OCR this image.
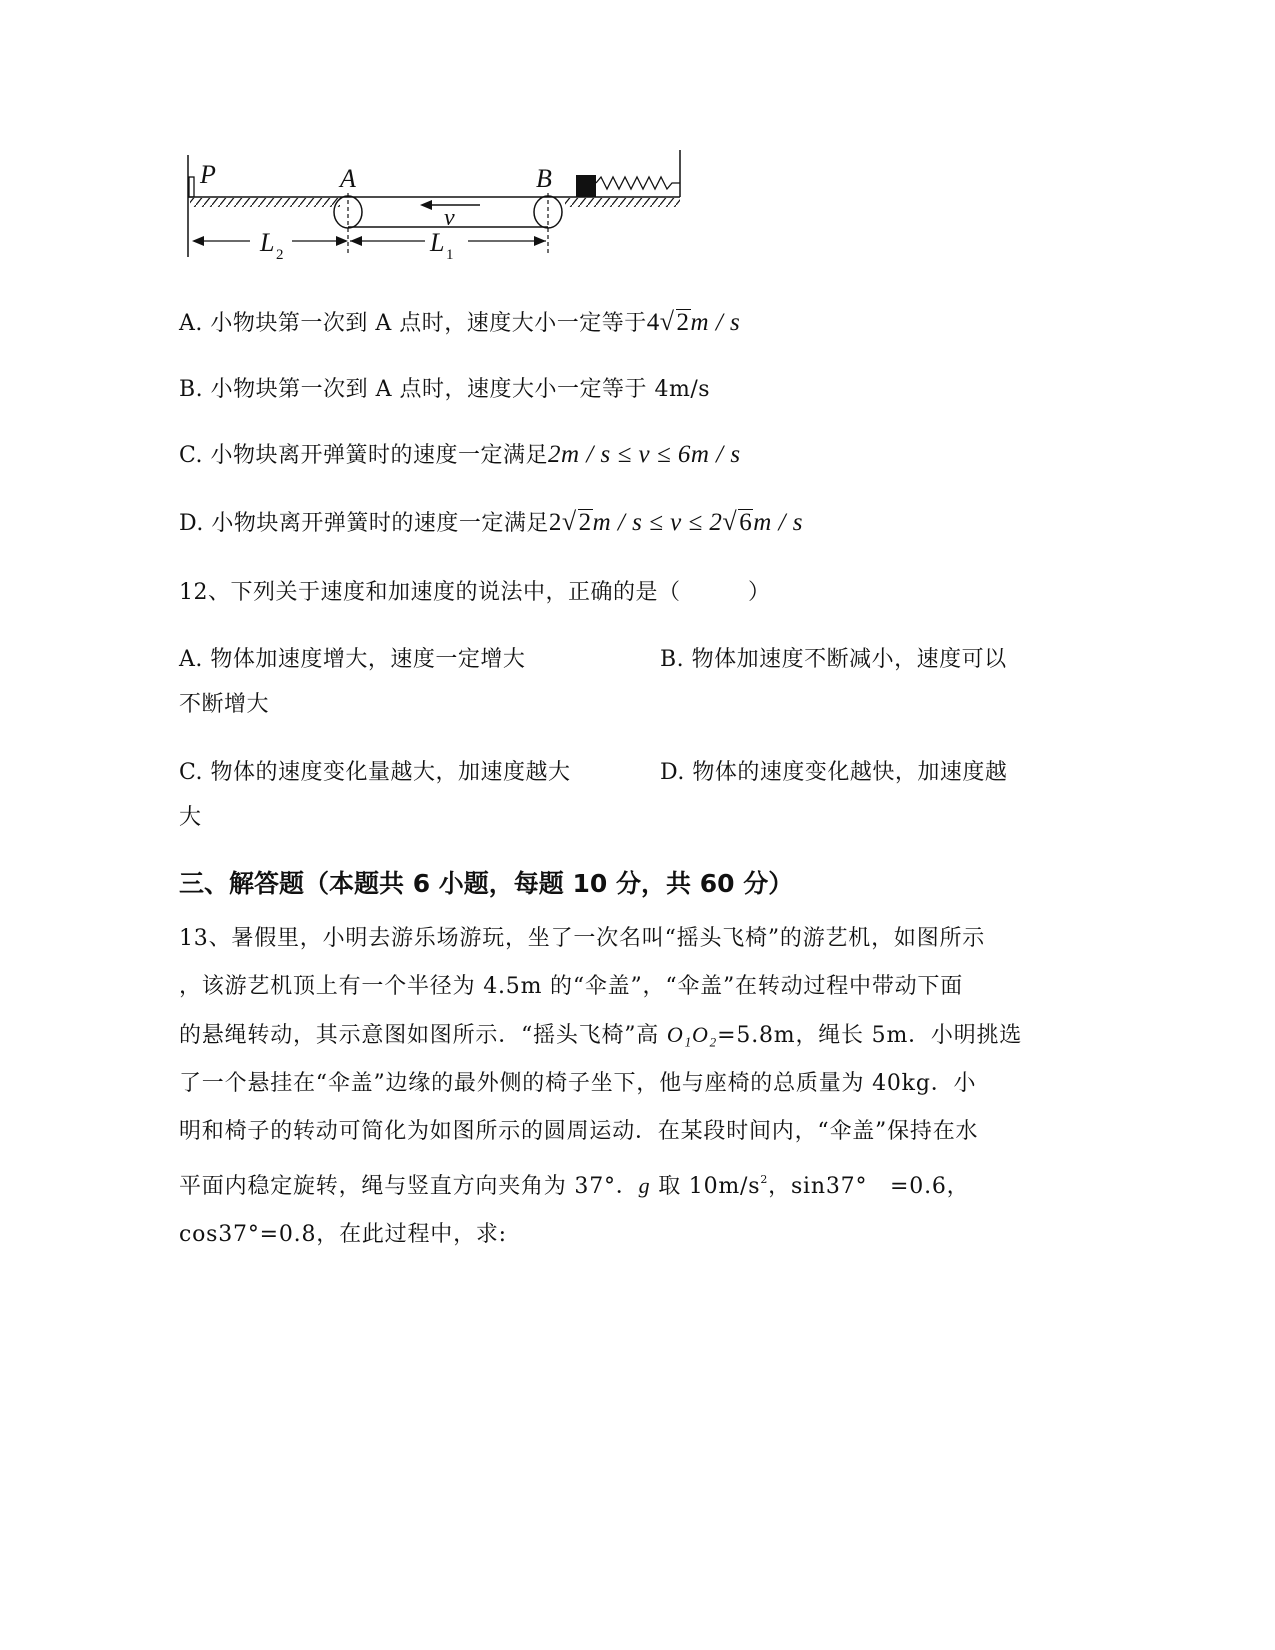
P	A	B
v
L 2	L 1
A. 小物块第一次到 A 点时，速度大小一定等于4√2m / s
B. 小物块第一次到 A 点时，速度大小一定等于 4m/s
C. 小物块离开弹簧时的速度一定满足2m / s ≤ v ≤ 6m / s
D. 小物块离开弹簧时的速度一定满足2√2m / s ≤ v ≤ 2√6m / s
12、下列关于速度和加速度的说法中，正确的是（　　　）
A. 物体加速度增大，速度一定增大	B. 物体加速度不断减小，速度可以
不断增大
C. 物体的速度变化量越大，加速度越大	D. 物体的速度变化越快，加速度越
大
三、解答题（本题共 6 小题，每题 10 分，共 60 分）
13、暑假里，小明去游乐场游玩，坐了一次名叫“摇头飞椅”的游艺机，如图所示
，该游艺机顶上有一个半径为 4.5m 的“伞盖”，“伞盖”在转动过程中带动下面
的悬绳转动，其示意图如图所示．“摇头飞椅”高 O₁O₂=5.8m，绳长 5m．小明挑选
了一个悬挂在“伞盖”边缘的最外侧的椅子坐下，他与座椅的总质量为 40kg．小
明和椅子的转动可简化为如图所示的圆周运动．在某段时间内，“伞盖”保持在水
平面内稳定旋转，绳与竖直方向夹角为 37°．g 取 $10m/s^2$，sin37°　=0.6，
cos37°=0.8，在此过程中，求:
